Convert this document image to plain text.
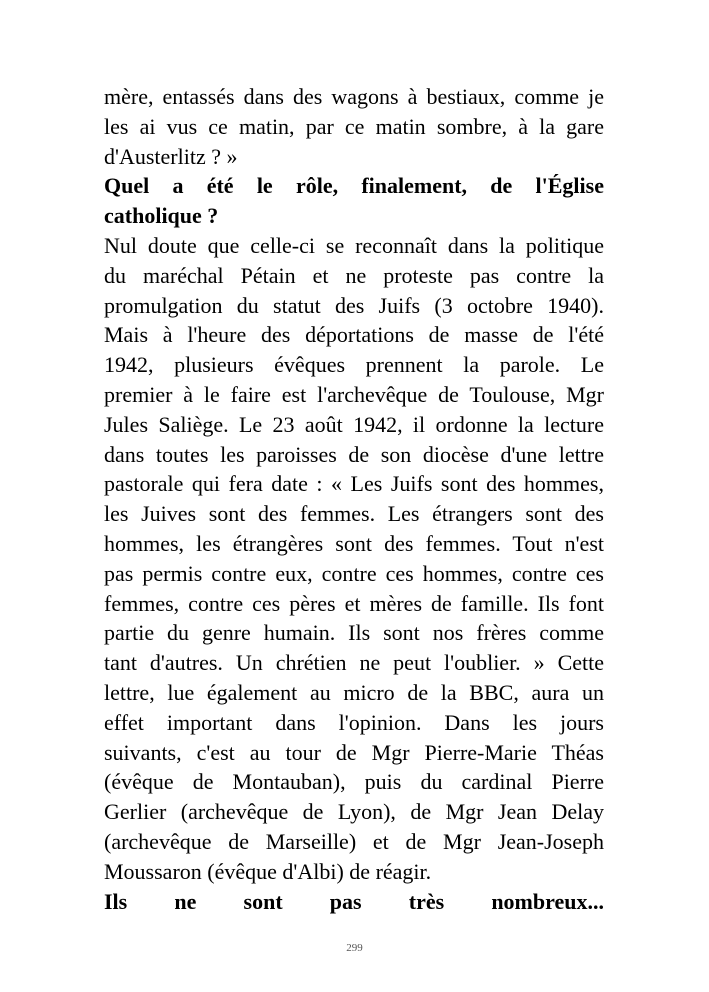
mère, entassés dans des wagons à bestiaux, comme je
les ai vus ce matin, par ce matin sombre, à la gare
d'Austerlitz ? »
Quel a été le rôle, finalement, de l'Église
catholique ?
Nul doute que celle-ci se reconnaît dans la politique
du maréchal Pétain et ne proteste pas contre la
promulgation du statut des Juifs (3 octobre 1940).
Mais à l'heure des déportations de masse de l'été
1942, plusieurs évêques prennent la parole. Le
premier à le faire est l'archevêque de Toulouse, Mgr
Jules Saliège. Le 23 août 1942, il ordonne la lecture
dans toutes les paroisses de son diocèse d'une lettre
pastorale qui fera date : « Les Juifs sont des hommes,
les Juives sont des femmes. Les étrangers sont des
hommes, les étrangères sont des femmes. Tout n'est
pas permis contre eux, contre ces hommes, contre ces
femmes, contre ces pères et mères de famille. Ils font
partie du genre humain. Ils sont nos frères comme
tant d'autres. Un chrétien ne peut l'oublier. » Cette
lettre, lue également au micro de la BBC, aura un
effet important dans l'opinion. Dans les jours
suivants, c'est au tour de Mgr Pierre-Marie Théas
(évêque de Montauban), puis du cardinal Pierre
Gerlier (archevêque de Lyon), de Mgr Jean Delay
(archevêque de Marseille) et de Mgr Jean-Joseph
Moussaron (évêque d'Albi) de réagir.
Ils ne sont pas très nombreux...
299
